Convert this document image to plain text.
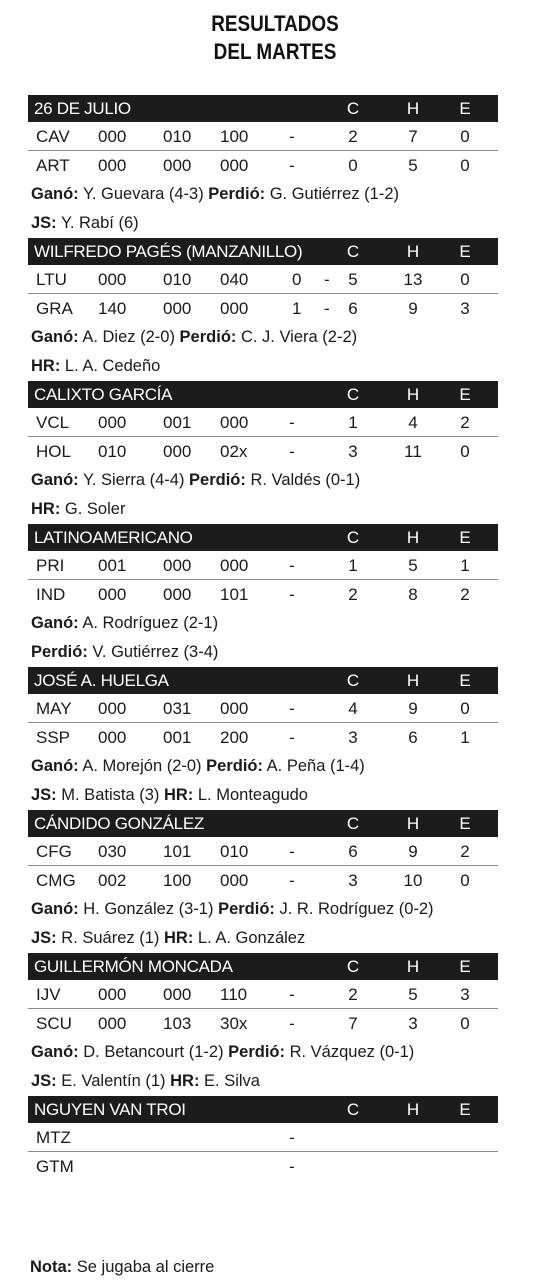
RESULTADOS
DEL MARTES
26 DE JULIO	C	H	E
CAV 000 010 100 -	2	7	0
ART 000 000 000 -	0	5	0
Ganó: Y. Guevara (4-3) Perdió: G. Gutiérrez (1-2)
JS: Y. Rabí (6)
WILFREDO PAGÉS (MANZANILLO)	C	H	E
LTU 000 010 040	0 - 5	13 0
GRA 140 000 000	1 - 6	9	3
Ganó: A. Diez (2-0) Perdió: C. J. Viera (2-2)
HR: L. A. Cedeño
CALIXTO GARCÍA	C	H	E
VCL 000 001 000 -	1	4	2
HOL 010 000 02x -	3	11 0
Ganó: Y. Sierra (4-4) Perdió: R. Valdés (0-1)
HR: G. Soler
LATINOAMERICANO	C	H	E
PRI 001 000 000 -	1	5	1
IND 000 000 101 -	2	8	2
Ganó: A. Rodríguez (2-1)
Perdió: V. Gutiérrez (3-4)
JOSÉ A. HUELGA	C	H	E
MAY 000 031 000 -	4	9	0
SSP 000 001 200 -	3	6	1
Ganó: A. Morejón (2-0) Perdió: A. Peña (1-4)
JS: M. Batista (3) HR: L. Monteagudo
CÁNDIDO GONZÁLEZ	C	H	E
CFG 030 101 010 -	6	9	2
CMG 002 100 000 -	3	10 0
Ganó: H. González (3-1) Perdió: J. R. Rodríguez (0-2)
JS: R. Suárez (1) HR: L. A. González
GUILLERMÓN MONCADA	C	H	E
IJV 000 000 110 -	2	5	3
SCU 000 103 30x -	7	3	0
Ganó: D. Betancourt (1-2) Perdió: R. Vázquez (0-1)
JS: E. Valentín (1) HR: E. Silva
NGUYEN VAN TROI	C	H	E
MTZ	-
GTM	-
Nota: Se jugaba al cierre
